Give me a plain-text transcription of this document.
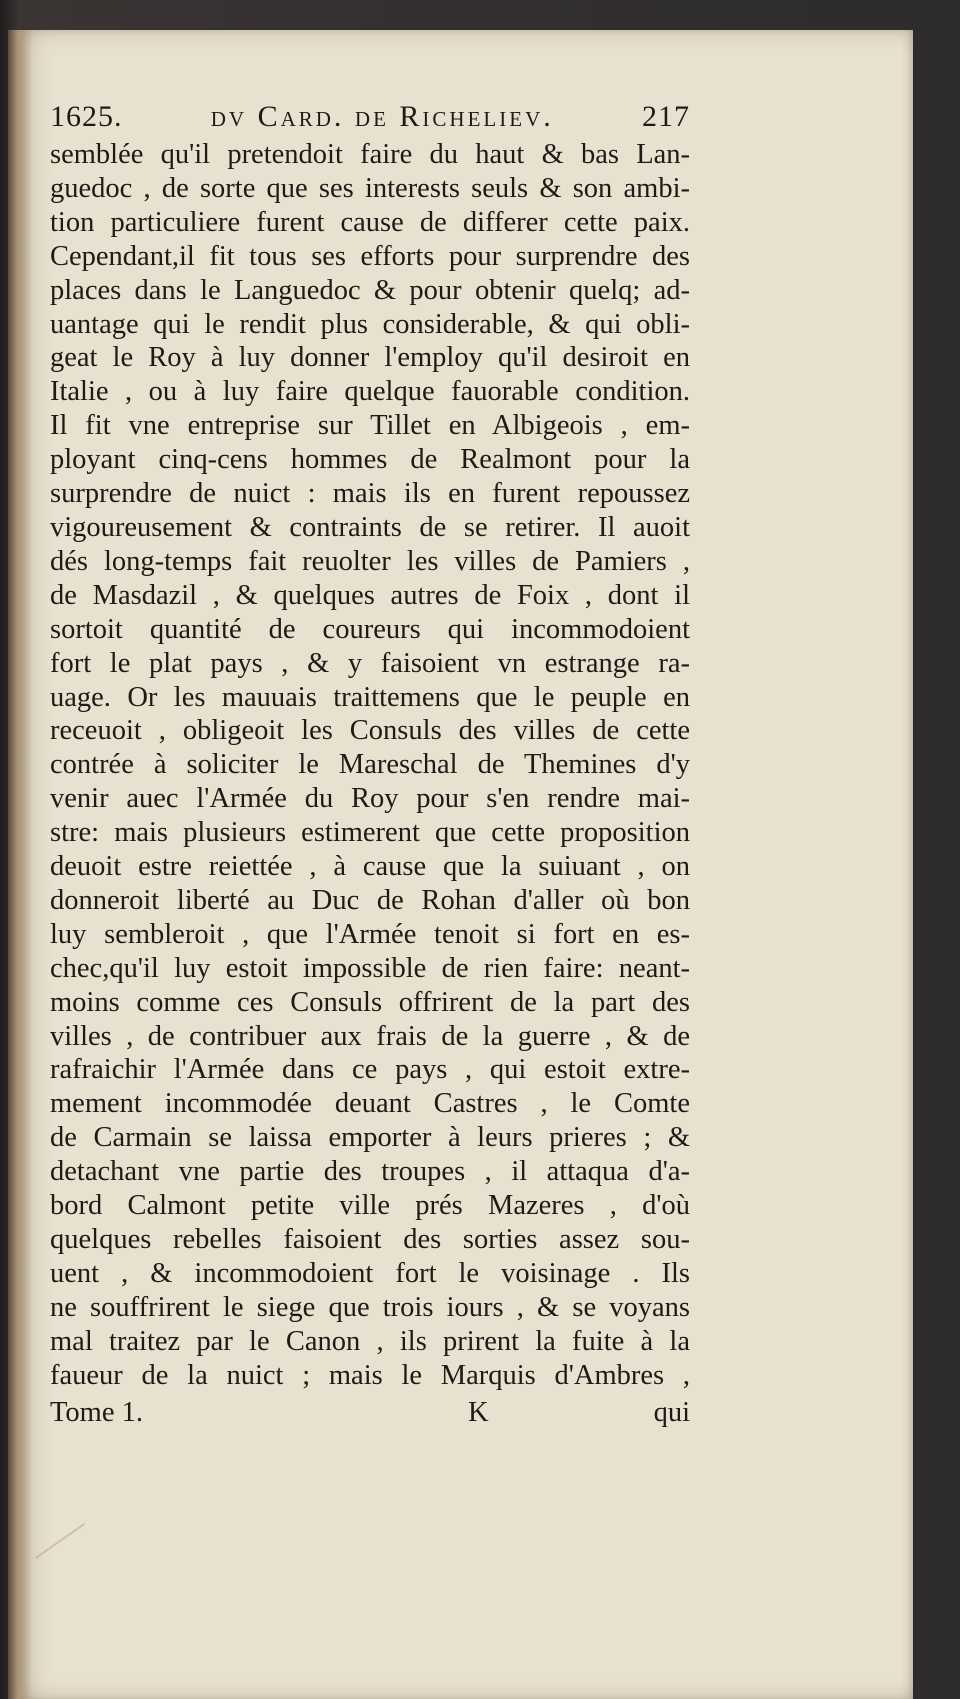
1625.	dv Card. de Richeliev.	217
semblée qu'il pretendoit faire du haut & bas Lan-
guedoc , de sorte que ses interests seuls & son ambi-
tion particuliere furent cause de differer cette paix.
Cependant,il fit tous ses efforts pour surprendre des
places dans le Languedoc & pour obtenir quelq; ad-
uantage qui le rendit plus considerable, & qui obli-
geat le Roy à luy donner l'employ qu'il desiroit en
Italie , ou à luy faire quelque fauorable condition.
Il fit vne entreprise sur Tillet en Albigeois , em-
ployant cinq-cens hommes de Realmont pour la
surprendre de nuict : mais ils en furent repoussez
vigoureusement & contraints de se retirer. Il auoit
dés long-temps fait reuolter les villes de Pamiers ,
de Masdazil , & quelques autres de Foix , dont il
sortoit quantité de coureurs qui incommodoient
fort le plat pays , & y faisoient vn estrange ra-
uage. Or les mauuais traittemens que le peuple en
receuoit , obligeoit les Consuls des villes de cette
contrée à soliciter le Mareschal de Themines d'y
venir auec l'Armée du Roy pour s'en rendre mai-
stre: mais plusieurs estimerent que cette proposition
deuoit estre reiettée , à cause que la suiuant , on
donneroit liberté au Duc de Rohan d'aller où bon
luy sembleroit , que l'Armée tenoit si fort en es-
chec,qu'il luy estoit impossible de rien faire: neant-
moins comme ces Consuls offrirent de la part des
villes , de contribuer aux frais de la guerre , & de
rafraichir l'Armée dans ce pays , qui estoit extre-
mement incommodée deuant Castres , le Comte
de Carmain se laissa emporter à leurs prieres ; &
detachant vne partie des troupes , il attaqua d'a-
bord Calmont petite ville prés Mazeres , d'où
quelques rebelles faisoient des sorties assez sou-
uent , & incommodoient fort le voisinage . Ils
ne souffrirent le siege que trois iours , & se voyans
mal traitez par le Canon , ils prirent la fuite à la
faueur de la nuict ; mais le Marquis d'Ambres ,
Tome 1.	K	qui
